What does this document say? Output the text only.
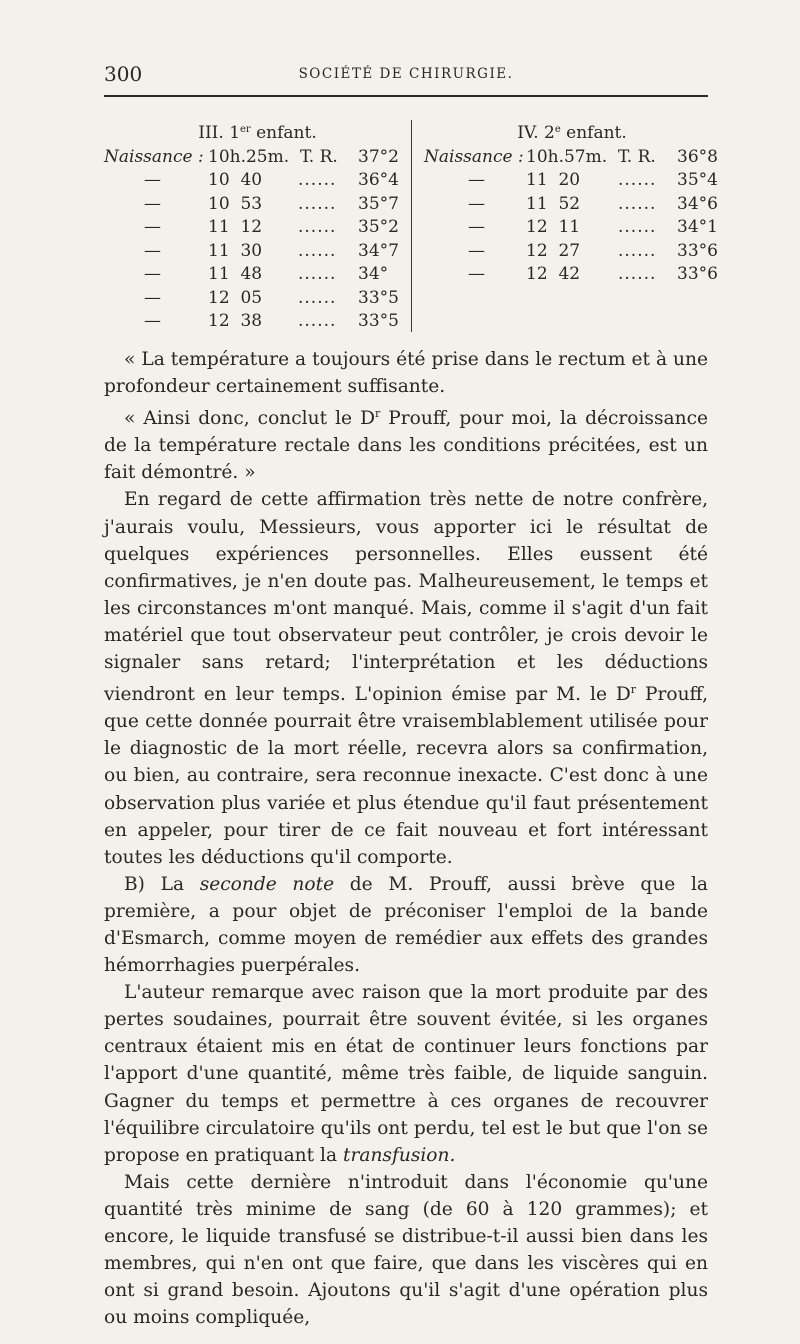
300	SOCIÉTÉ DE CHIRURGIE.
III. 1er enfant.
Naissance : 10h.25m. T. R. 37°2
—	10  40 ...... 36°4
—	10  53 ...... 35°7
—	11  12 ...... 35°2
—	11  30 ...... 34°7
—	11  48 ...... 34°
—	12  05 ...... 33°5
—	12  38 ...... 33°5
IV. 2e enfant.
Naissance : 10h.57m. T. R. 36°8
— 11  20 ...... 35°4
— 11  52 ...... 34°6
— 12  11 ...... 34°1
— 12  27 ...... 33°6
— 12  42 ...... 33°6

« La température a toujours été prise dans le rectum et à une profondeur certainement suffisante.

« Ainsi donc, conclut le $D^r$ Prouff, pour moi, la décroissance de la température rectale dans les conditions précitées, est un fait démontré. »

En regard de cette affirmation très nette de notre confrère, j'aurais voulu, Messieurs, vous apporter ici le résultat de quelques expériences personnelles. Elles eussent été confirmatives, je n'en doute pas. Malheureusement, le temps et les circonstances m'ont manqué. Mais, comme il s'agit d'un fait matériel que tout observateur peut contrôler, je crois devoir le signaler sans retard; l'interprétation et les déductions viendront en leur temps. L'opinion émise par M. le $D^r$ Prouff, que cette donnée pourrait être vraisemblablement utilisée pour le diagnostic de la mort réelle, recevra alors sa confirmation, ou bien, au contraire, sera reconnue inexacte. C'est donc à une observation plus variée et plus étendue qu'il faut présentement en appeler, pour tirer de ce fait nouveau et fort intéressant toutes les déductions qu'il comporte.

B) La seconde note de M. Prouff, aussi brève que la première, a pour objet de préconiser l'emploi de la bande d'Esmarch, comme moyen de remédier aux effets des grandes hémorrhagies puerpérales.

L'auteur remarque avec raison que la mort produite par des pertes soudaines, pourrait être souvent évitée, si les organes centraux étaient mis en état de continuer leurs fonctions par l'apport d'une quantité, même très faible, de liquide sanguin. Gagner du temps et permettre à ces organes de recouvrer l'équilibre circulatoire qu'ils ont perdu, tel est le but que l'on se propose en pratiquant la transfusion.

Mais cette dernière n'introduit dans l'économie qu'une quantité très minime de sang (de 60 à 120 grammes); et encore, le liquide transfusé se distribue-t-il aussi bien dans les membres, qui n'en ont que faire, que dans les viscères qui en ont si grand besoin. Ajoutons qu'il s'agit d'une opération plus ou moins compliquée,
